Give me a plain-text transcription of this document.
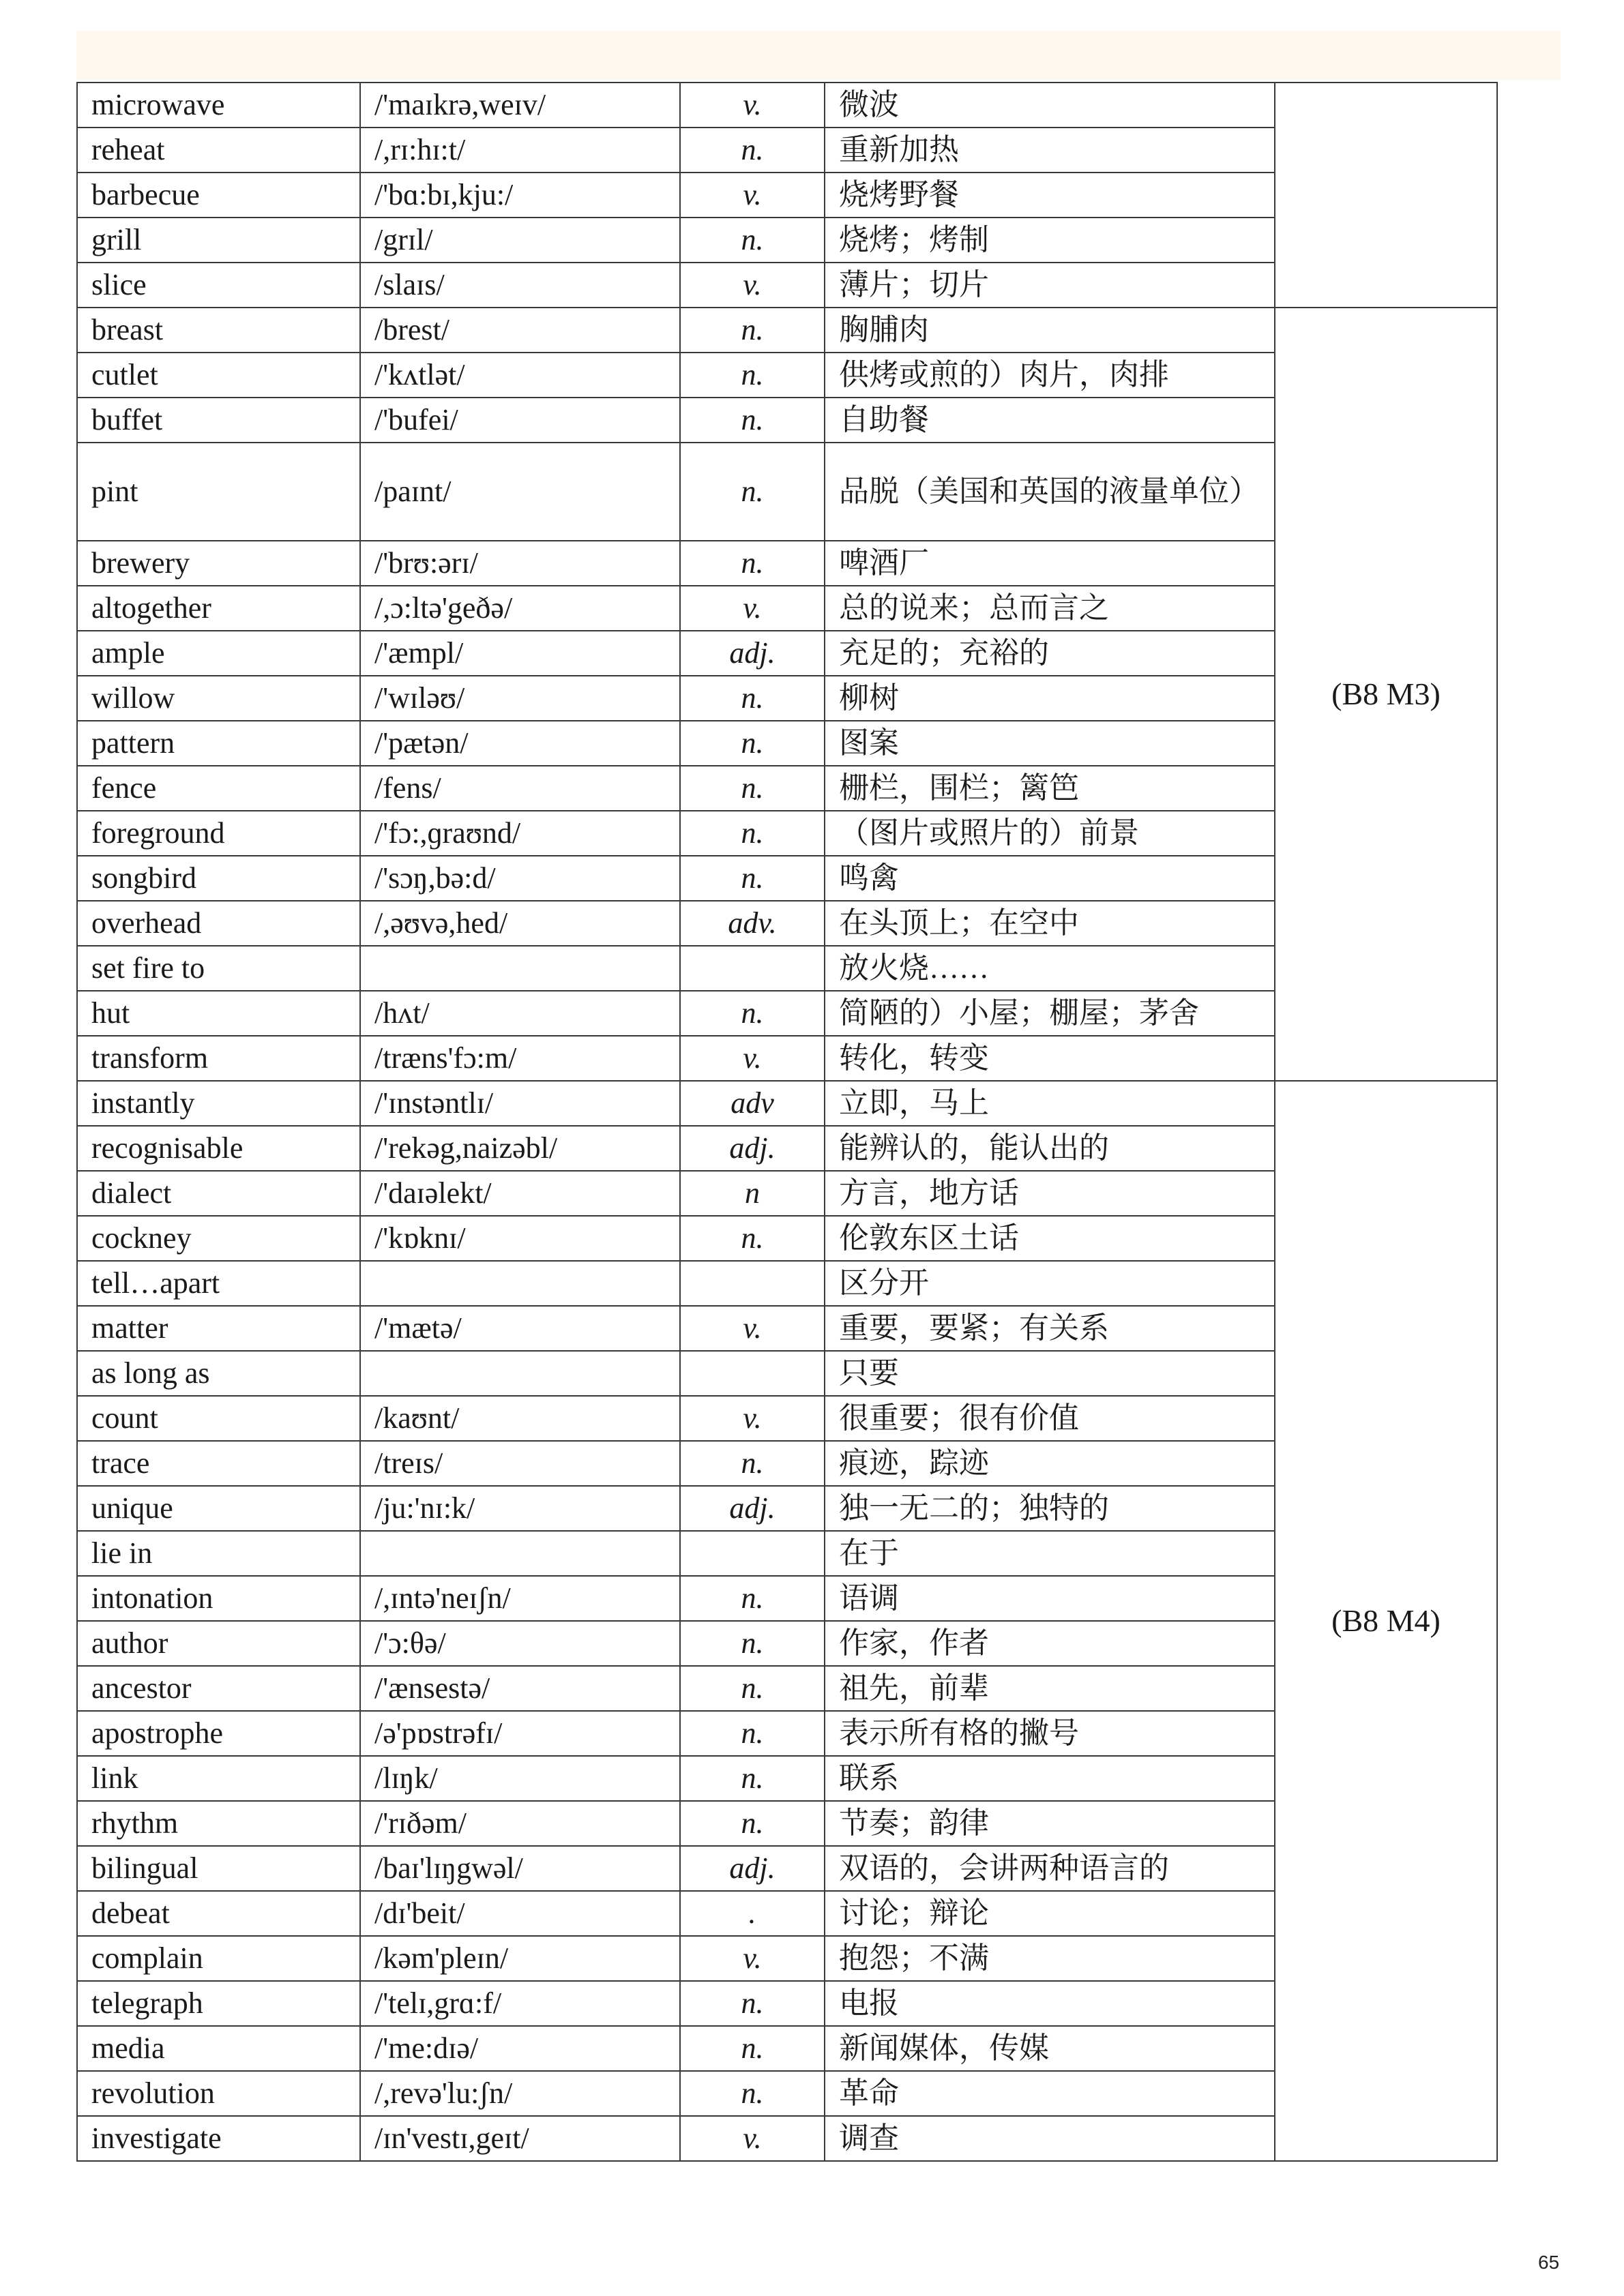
microwave	/'maɪkrə,weɪv/	v.	微波	
reheat	/,rɪ:hɪ:t/	n.	重新加热	
barbecue	/'bɑ:bɪ,kju:/	v.	烧烤野餐	
grill	/grɪl/	n.	烧烤；烤制	
slice	/slaɪs/	v.	薄片；切片	
breast	/brest/	n.	胸脯肉	(B8 M3)
cutlet	/'kʌtlət/	n.	供烤或煎的）肉片，肉排	
buffet	/'bufei/	n.	自助餐	
pint	/paɪnt/	n.	品脱（美国和英国的液量单位）	
brewery	/'brʊ:ərɪ/	n.	啤酒厂	
altogether	/,ɔ:ltə'geðə/	v.	总的说来；总而言之	
ample	/'æmpl/	adj.	充足的；充裕的	
willow	/'wɪləʊ/	n.	柳树	
pattern	/'pætən/	n.	图案	
fence	/fens/	n.	栅栏，围栏；篱笆	
foreground	/'fɔ:,ɡraʊnd/	n.	（图片或照片的）前景	
songbird	/'sɔŋ,bə:d/	n.	鸣禽	
overhead	/,əʊvə,hed/	adv.	在头顶上；在空中	
set fire to			放火烧……	
hut	/hʌt/	n.	简陋的）小屋；棚屋；茅舍	
transform	/træns'fɔ:m/	v.	转化，转变	
instantly	/'ɪnstəntlɪ/	adv	立即，马上	(B8 M4)
recognisable	/'rekəg,naizəbl/	adj.	能辨认的，能认出的	
dialect	/'daɪəlekt/	n	方言，地方话	
cockney	/'kɒknɪ/	n.	伦敦东区土话	
tell…apart			区分开	
matter	/'mætə/	v.	重要，要紧；有关系	
as long as			只要	
count	/kaʊnt/	v.	很重要；很有价值	
trace	/treɪs/	n.	痕迹，踪迹	
unique	/ju:'nɪ:k/	adj.	独一无二的；独特的	
lie in			在于	
intonation	/,ɪntə'neɪʃn/	n.	语调	
author	/'ɔ:θə/	n.	作家，作者	
ancestor	/'ænsestə/	n.	祖先，前辈	
apostrophe	/ə'pɒstrəfɪ/	n.	表示所有格的撇号	
link	/lɪŋk/	n.	联系	
rhythm	/'rɪðəm/	n.	节奏；韵律	
bilingual	/baɪ'lɪŋgwəl/	adj.	双语的，会讲两种语言的	
debeat	/dɪ'beit/	.	讨论；辩论	
complain	/kəm'pleɪn/	v.	抱怨；不满	
telegraph	/'telɪ,grɑ:f/	n.	电报	
media	/'me:dɪə/	n.	新闻媒体，传媒	
revolution	/,revə'lu:ʃn/	n.	革命	
investigate	/ɪn'vestɪ,geɪt/	v.	调查	
65
